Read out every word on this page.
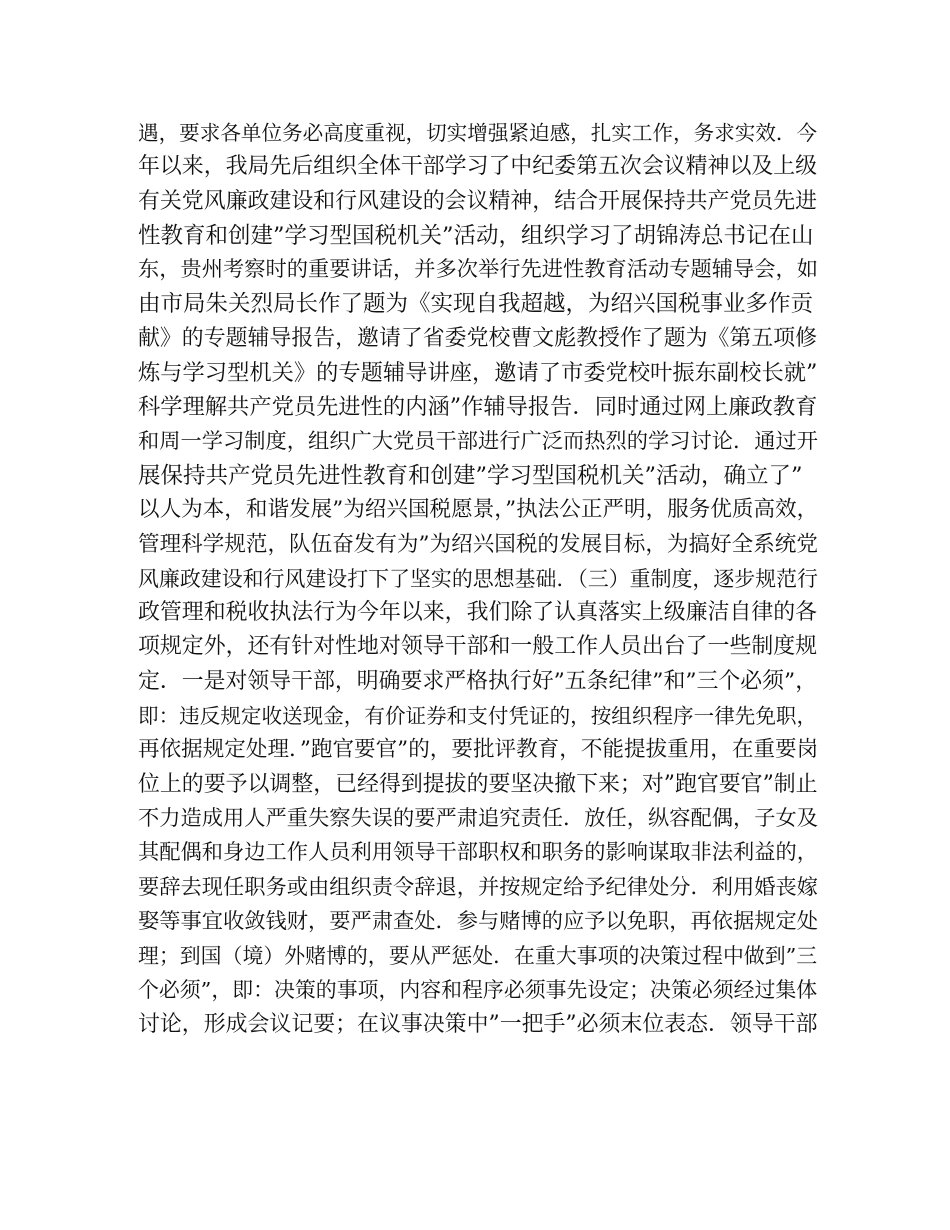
遇，要求各单位务必高度重视，切实增强紧迫感，扎实工作，务求实效．今
年以来，我局先后组织全体干部学习了中纪委第五次会议精神以及上级
有关党风廉政建设和行风建设的会议精神，结合开展保持共产党员先进
性教育和创建”学习型国税机关”活动，组织学习了胡锦涛总书记在山
东，贵州考察时的重要讲话，并多次举行先进性教育活动专题辅导会，如
由市局朱关烈局长作了题为《实现自我超越，为绍兴国税事业多作贡
献》的专题辅导报告，邀请了省委党校曹文彪教授作了题为《第五项修
炼与学习型机关》的专题辅导讲座，邀请了市委党校叶振东副校长就”
科学理解共产党员先进性的内涵”作辅导报告．同时通过网上廉政教育
和周一学习制度，组织广大党员干部进行广泛而热烈的学习讨论．通过开
展保持共产党员先进性教育和创建”学习型国税机关”活动，确立了”
以人为本，和谐发展”为绍兴国税愿景，”执法公正严明，服务优质高效，
管理科学规范，队伍奋发有为”为绍兴国税的发展目标，为搞好全系统党
风廉政建设和行风建设打下了坚实的思想基础．（三）重制度，逐步规范行
政管理和税收执法行为今年以来，我们除了认真落实上级廉洁自律的各
项规定外，还有针对性地对领导干部和一般工作人员出台了一些制度规
定．一是对领导干部，明确要求严格执行好”五条纪律”和”三个必须”，
即：违反规定收送现金，有价证券和支付凭证的，按组织程序一律先免职，
再依据规定处理．”跑官要官”的，要批评教育，不能提拔重用，在重要岗
位上的要予以调整，已经得到提拔的要坚决撤下来；对”跑官要官”制止
不力造成用人严重失察失误的要严肃追究责任．放任，纵容配偶，子女及
其配偶和身边工作人员利用领导干部职权和职务的影响谋取非法利益的，
要辞去现任职务或由组织责令辞退，并按规定给予纪律处分．利用婚丧嫁
娶等事宜收敛钱财，要严肃查处．参与赌博的应予以免职，再依据规定处
理；到国（境）外赌博的，要从严惩处．在重大事项的决策过程中做到”三
个必须”，即：决策的事项，内容和程序必须事先设定；决策必须经过集体
讨论，形成会议记要；在议事决策中”一把手”必须末位表态．领导干部
